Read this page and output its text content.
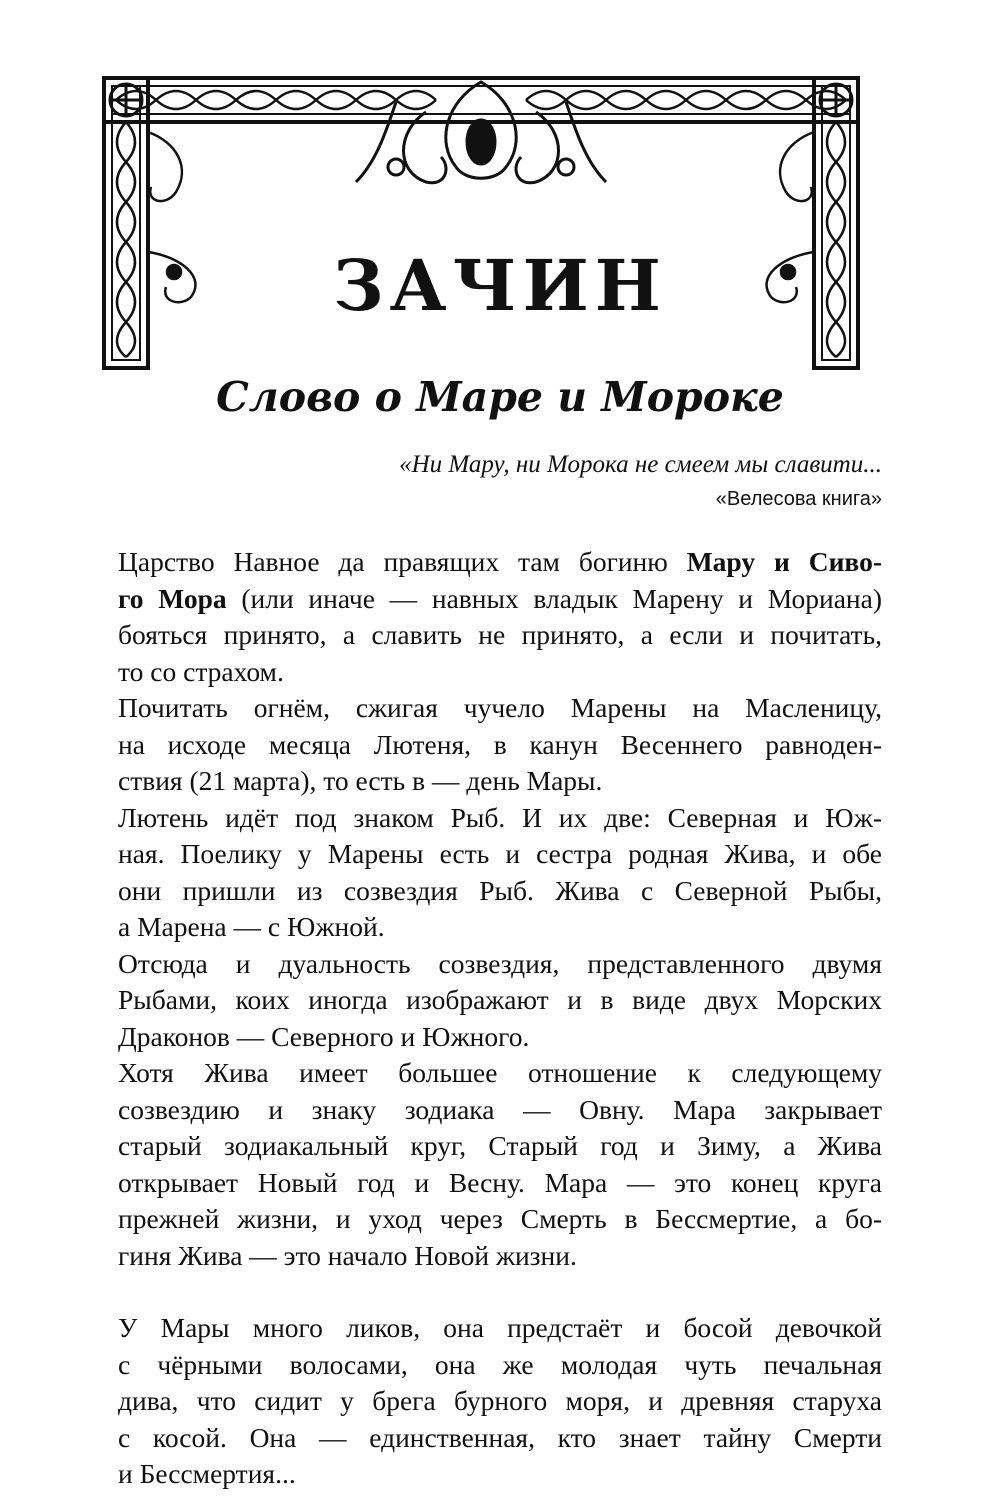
ЗАЧИН
Слово о Маре и Мороке
«Ни Мару, ни Морока не смеем мы славити...
«Велесова книга»
Царство Навное да правящих там богиню Мару и Сиво-
го Мора (или иначе — навных владык Марену и Мориана)
бояться принято, а славить не принято, а если и почитать,
то со страхом.
Почитать огнём, сжигая чучело Марены на Масленицу,
на исходе месяца Лютеня, в канун Весеннего равноден-
ствия (21 марта), то есть в — день Мары.
Лютень идёт под знаком Рыб. И их две: Северная и Юж-
ная. Поелику у Марены есть и сестра родная Жива, и обе
они пришли из созвездия Рыб. Жива с Северной Рыбы,
а Марена — с Южной.
Отсюда и дуальность созвездия, представленного двумя
Рыбами, коих иногда изображают и в виде двух Морских
Драконов — Северного и Южного.
Хотя Жива имеет большее отношение к следующему
созвездию и знаку зодиака — Овну. Мара закрывает
старый зодиакальный круг, Старый год и Зиму, а Жива
открывает Новый год и Весну. Мара — это конец круга
прежней жизни, и уход через Смерть в Бессмертие, а бо-
гиня Жива — это начало Новой жизни.
У Мары много ликов, она предстаёт и босой девочкой
с чёрными волосами, она же молодая чуть печальная
дива, что сидит у брега бурного моря, и древняя старуха
с косой. Она — единственная, кто знает тайну Смерти
и Бессмертия...
